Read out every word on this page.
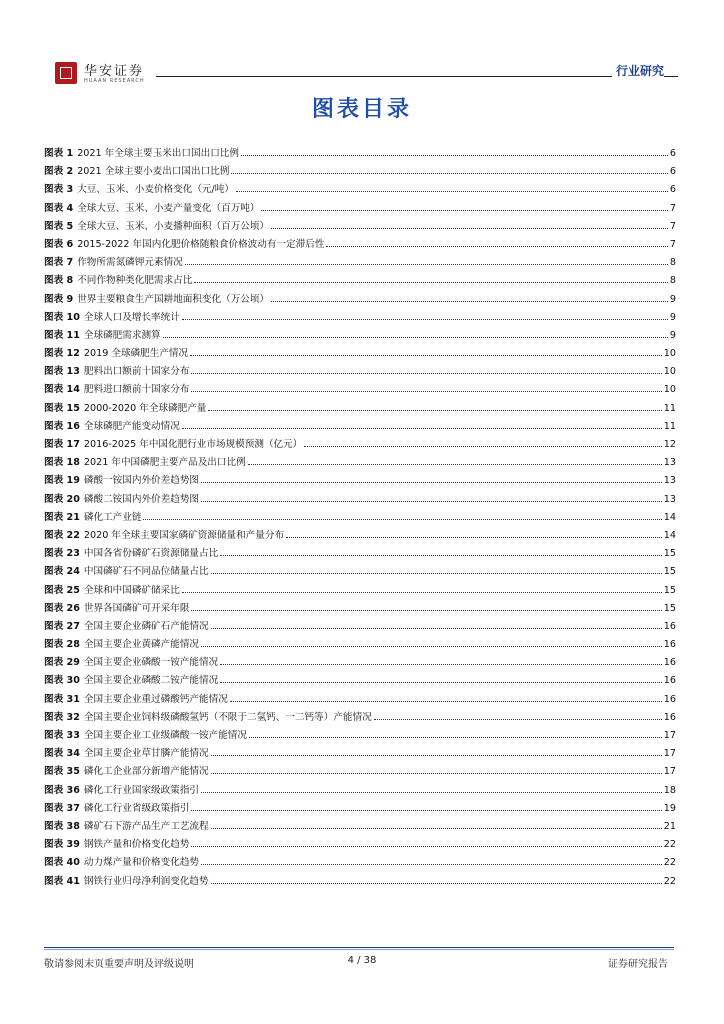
华安证券
HUAAN RESEARCH
行业研究
图表目录
图表 1 2021 年全球主要玉米出口国出口比例	6
图表 2 2021 全球主要小麦出口国出口比例	6
图表 3 大豆、玉米、小麦价格变化（元/吨）	6
图表 4 全球大豆、玉米、小麦产量变化（百万吨）	7
图表 5 全球大豆、玉米、小麦播种面积（百万公顷）	7
图表 6 2015-2022 年国内化肥价格随粮食价格波动有一定滞后性	7
图表 7 作物所需氮磷钾元素情况	8
图表 8 不同作物种类化肥需求占比	8
图表 9 世界主要粮食生产国耕地面积变化（万公顷）	9
图表 10 全球人口及增长率统计	9
图表 11 全球磷肥需求测算	9
图表 12 2019 全球磷肥生产情况	10
图表 13 肥料出口额前十国家分布	10
图表 14 肥料进口额前十国家分布	10
图表 15 2000-2020 年全球磷肥产量	11
图表 16 全球磷肥产能变动情况	11
图表 17 2016-2025 年中国化肥行业市场规模预测（亿元）	12
图表 18 2021 年中国磷肥主要产品及出口比例	13
图表 19 磷酸一铵国内外价差趋势图	13
图表 20 磷酸二铵国内外价差趋势图	13
图表 21 磷化工产业链	14
图表 22 2020 年全球主要国家磷矿资源储量和产量分布	14
图表 23 中国各省份磷矿石资源储量占比	15
图表 24 中国磷矿石不同品位储量占比	15
图表 25 全球和中国磷矿储采比	15
图表 26 世界各国磷矿可开采年限	15
图表 27 全国主要企业磷矿石产能情况	16
图表 28 全国主要企业黄磷产能情况	16
图表 29 全国主要企业磷酸一铵产能情况	16
图表 30 全国主要企业磷酸二铵产能情况	16
图表 31 全国主要企业重过磷酸钙产能情况	16
图表 32 全国主要企业饲料级磷酸氢钙（不限于二氢钙、一二钙等）产能情况	16
图表 33 全国主要企业工业级磷酸一铵产能情况	17
图表 34 全国主要企业草甘膦产能情况	17
图表 35 磷化工企业部分新增产能情况	17
图表 36 磷化工行业国家级政策指引	18
图表 37 磷化工行业省级政策指引	19
图表 38 磷矿石下游产品生产工艺流程	21
图表 39 钢铁产量和价格变化趋势	22
图表 40 动力煤产量和价格变化趋势	22
图表 41 钢铁行业归母净利润变化趋势	22
敬请参阅末页重要声明及评级说明	4 / 38	证券研究报告
